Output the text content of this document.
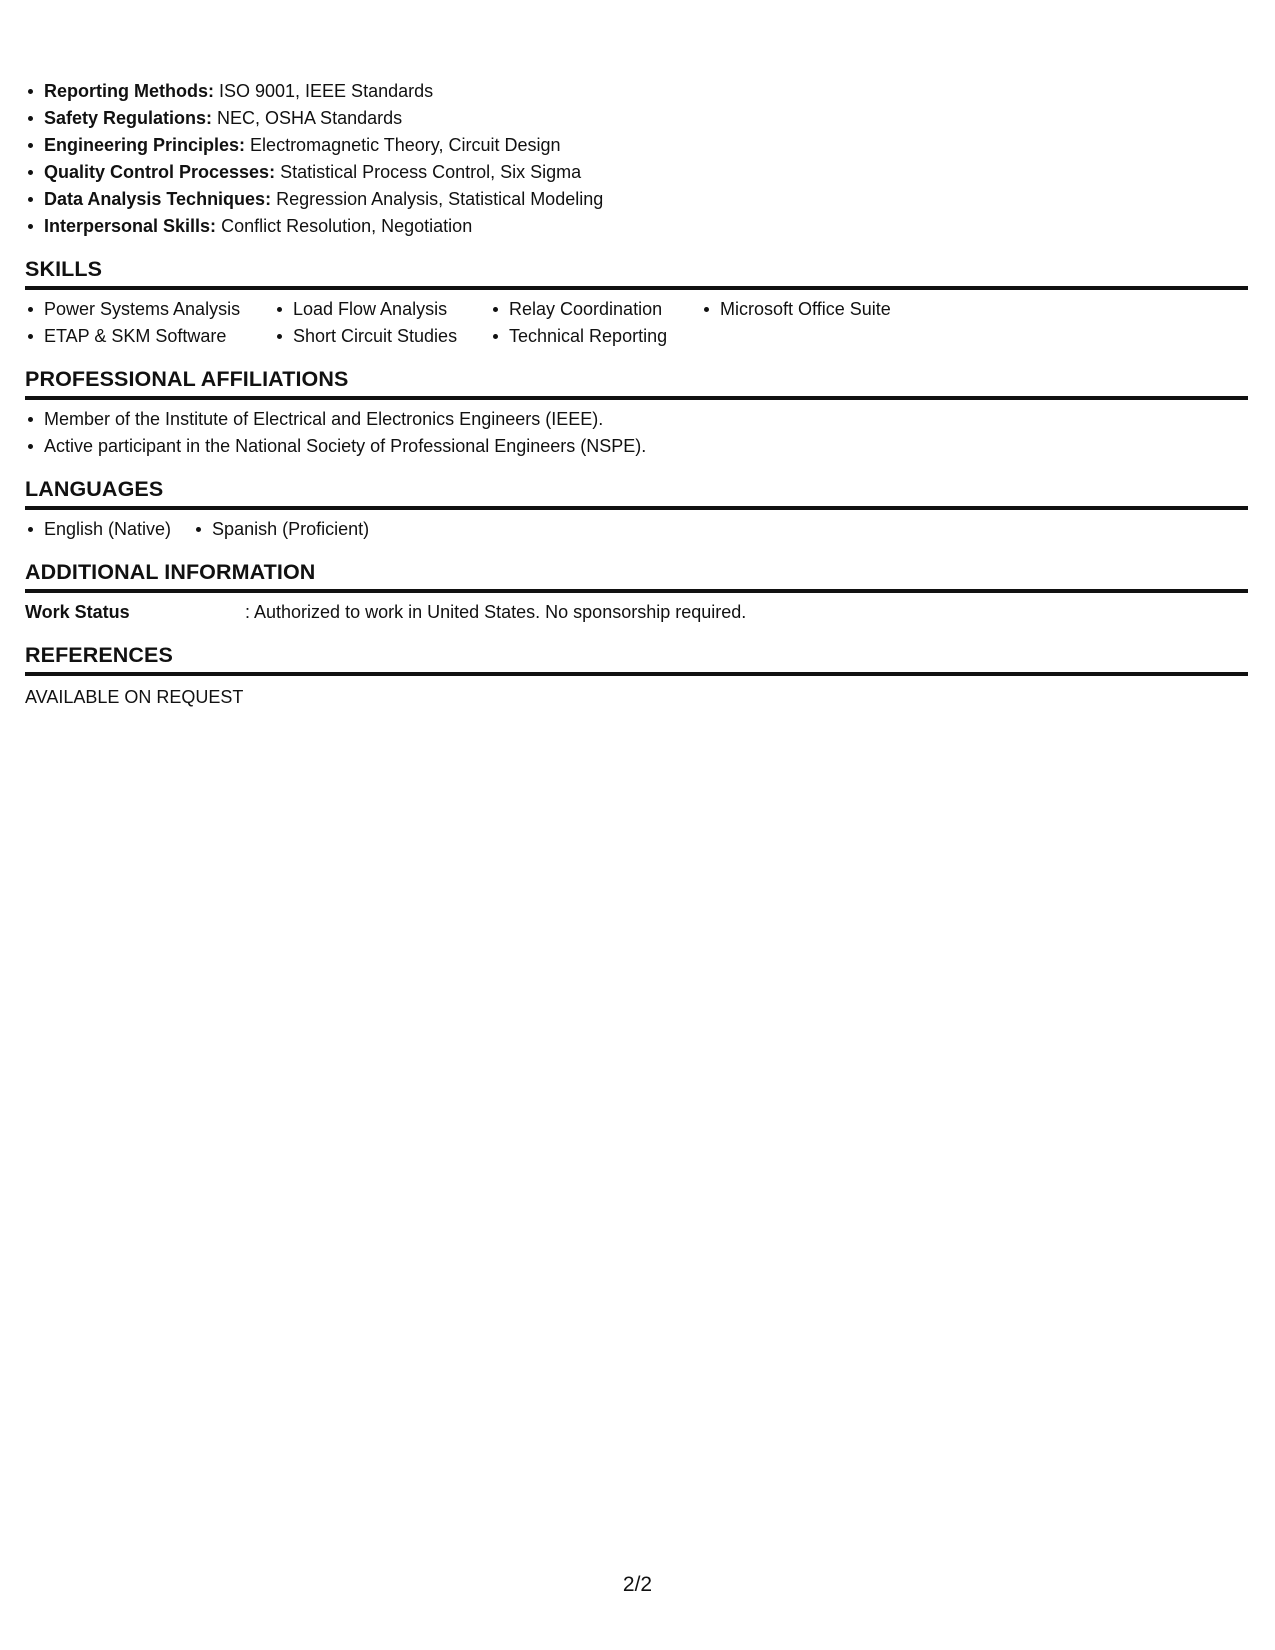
Reporting Methods: ISO 9001, IEEE Standards
Safety Regulations: NEC, OSHA Standards
Engineering Principles: Electromagnetic Theory, Circuit Design
Quality Control Processes: Statistical Process Control, Six Sigma
Data Analysis Techniques: Regression Analysis, Statistical Modeling
Interpersonal Skills: Conflict Resolution, Negotiation
SKILLS
Power Systems Analysis
ETAP & SKM Software
Load Flow Analysis
Short Circuit Studies
Relay Coordination
Technical Reporting
Microsoft Office Suite
PROFESSIONAL AFFILIATIONS
Member of the Institute of Electrical and Electronics Engineers (IEEE).
Active participant in the National Society of Professional Engineers (NSPE).
LANGUAGES
English (Native)	Spanish (Proficient)
ADDITIONAL INFORMATION
Work Status	: Authorized to work in United States. No sponsorship required.
REFERENCES
AVAILABLE ON REQUEST
2/2
